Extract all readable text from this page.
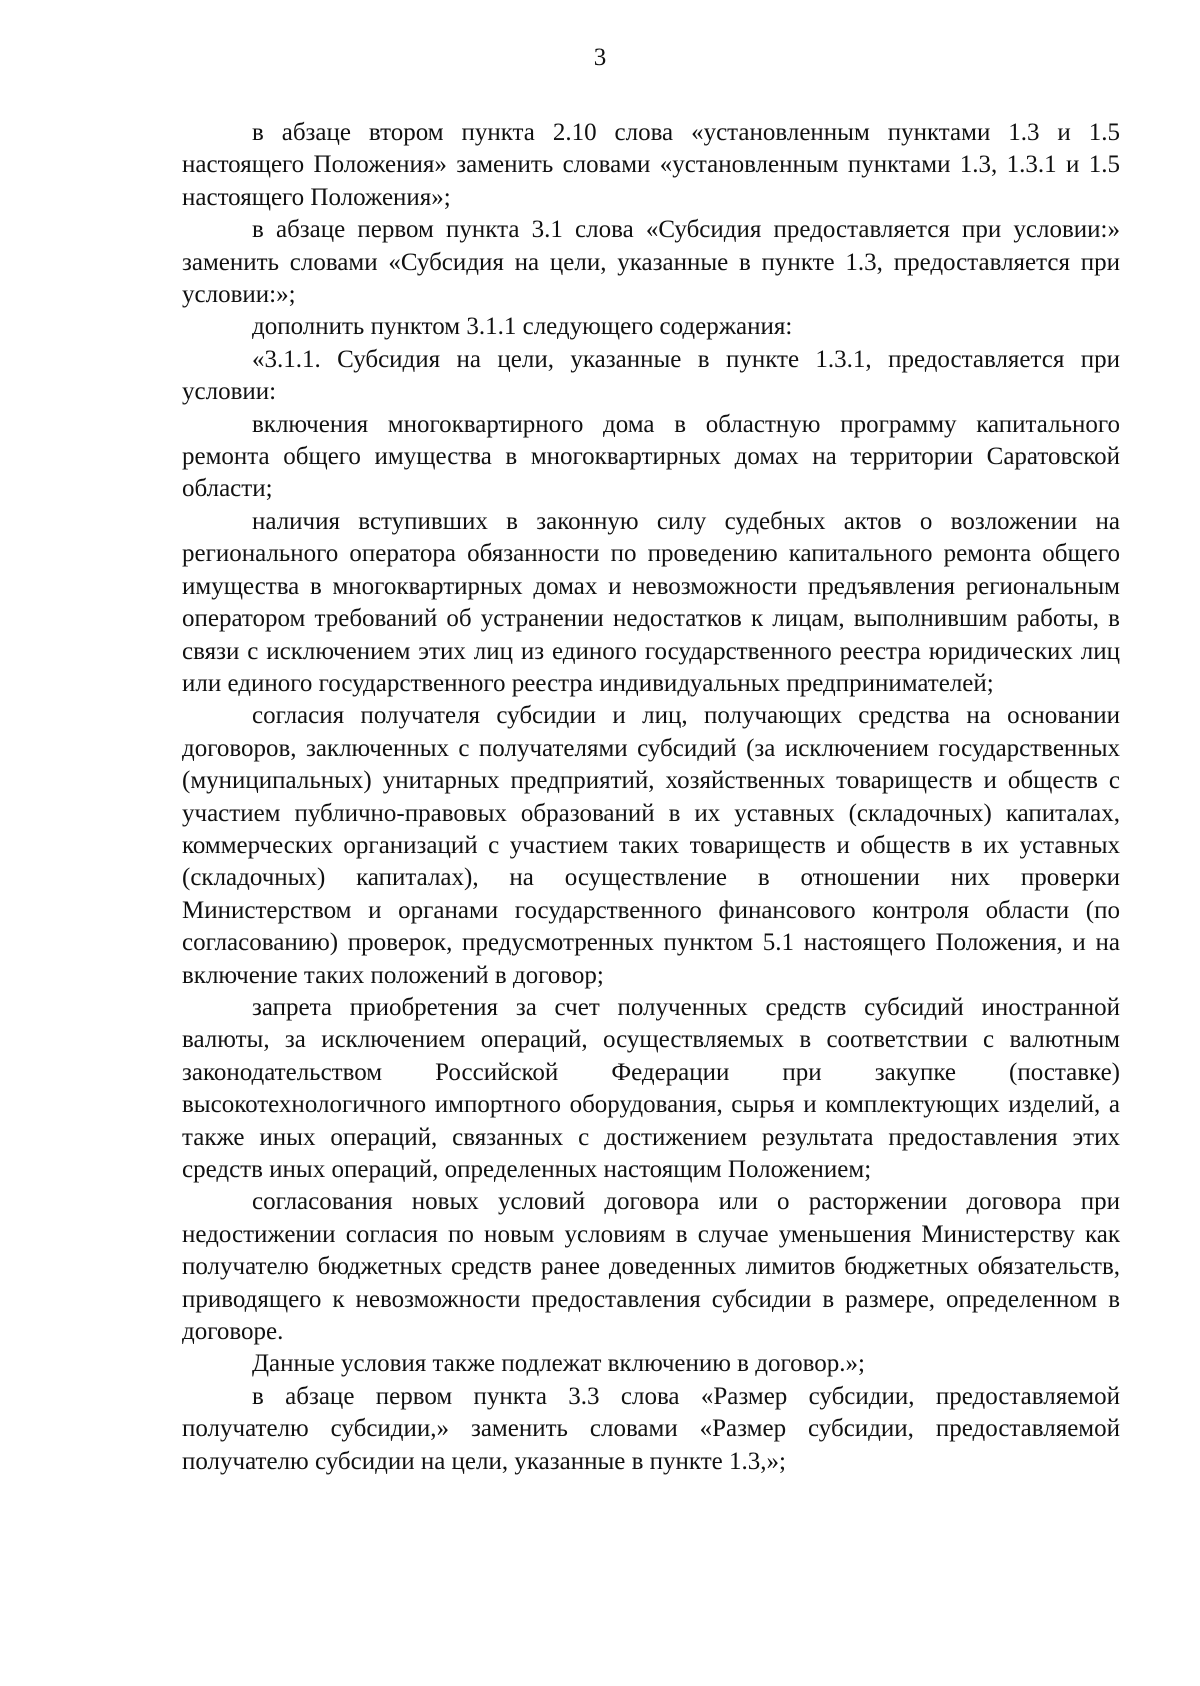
3

в абзаце втором пункта 2.10 слова «установленным пунктами 1.3 и 1.5 настоящего Положения» заменить словами «установленным пунктами 1.3, 1.3.1 и 1.5 настоящего Положения»;

в абзаце первом пункта 3.1 слова «Субсидия предоставляется при условии:» заменить словами «Субсидия на цели, указанные в пункте 1.3, предоставляется при условии:»;

дополнить пунктом 3.1.1 следующего содержания:

«3.1.1. Субсидия на цели, указанные в пункте 1.3.1, предоставляется при условии:

включения многоквартирного дома в областную программу капитального ремонта общего имущества в многоквартирных домах на территории Саратовской области;

наличия вступивших в законную силу судебных актов о возложении на регионального оператора обязанности по проведению капитального ремонта общего имущества в многоквартирных домах и невозможности предъявления региональным оператором требований об устранении недостатков к лицам, выполнившим работы, в связи с исключением этих лиц из единого государственного реестра юридических лиц или единого государственного реестра индивидуальных предпринимателей;

согласия получателя субсидии и лиц, получающих средства на основании договоров, заключенных с получателями субсидий (за исключением государственных (муниципальных) унитарных предприятий, хозяйственных товариществ и обществ с участием публично-правовых образований в их уставных (складочных) капиталах, коммерческих организаций с участием таких товариществ и обществ в их уставных (складочных) капиталах), на осуществление в отношении них проверки Министерством и органами государственного финансового контроля области (по согласованию) проверок, предусмотренных пунктом 5.1 настоящего Положения, и на включение таких положений в договор;

запрета приобретения за счет полученных средств субсидий иностранной валюты, за исключением операций, осуществляемых в соответствии с валютным законодательством Российской Федерации при закупке (поставке) высокотехнологичного импортного оборудования, сырья и комплектующих изделий, а также иных операций, связанных с достижением результата предоставления этих средств иных операций, определенных настоящим Положением;

согласования новых условий договора или о расторжении договора при недостижении согласия по новым условиям в случае уменьшения Министерству как получателю бюджетных средств ранее доведенных лимитов бюджетных обязательств, приводящего к невозможности предоставления субсидии в размере, определенном в договоре.

Данные условия также подлежат включению в договор.»;

в абзаце первом пункта 3.3 слова «Размер субсидии, предоставляемой получателю субсидии,» заменить словами «Размер субсидии, предоставляемой получателю субсидии на цели, указанные в пункте 1.3,»;
